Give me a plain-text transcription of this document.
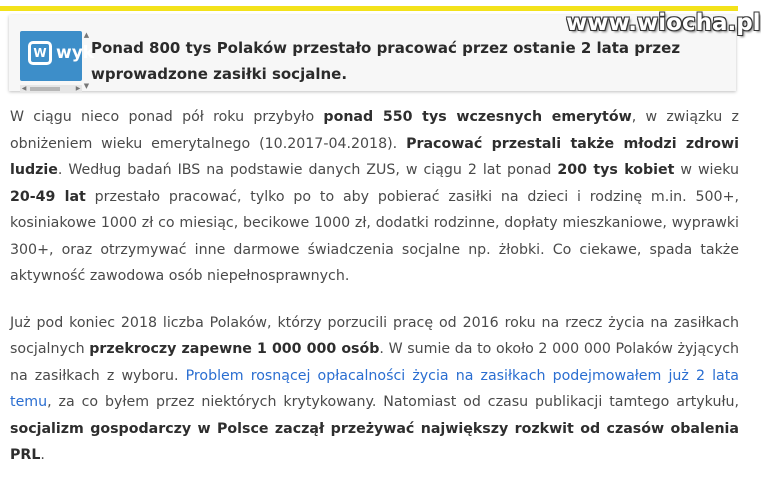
W wyk
▲
▼
◀	▶
Ponad 800 tys Polaków przestało pracować przez ostanie 2 lata przez
wprowadzone zasiłki socjalne.
www.wiocha.pl

W ciągu nieco ponad pół roku przybyło ponad 550 tys wczesnych emerytów, w związku z obniżeniem wieku emerytalnego (10.2017-04.2018). Pracować przestali także młodzi zdrowi ludzie. Według badań IBS na podstawie danych ZUS, w ciągu 2 lat ponad 200 tys kobiet w wieku 20-49 lat przestało pracować, tylko po to aby pobierać zasiłki na dzieci i rodzinę m.in. 500+, kosiniakowe 1000 zł co miesiąc, becikowe 1000 zł, dodatki rodzinne, dopłaty mieszkaniowe, wyprawki 300+, oraz otrzymywać inne darmowe świadczenia socjalne np. żłobki. Co ciekawe, spada także aktywność zawodowa osób niepełnosprawnych.

Już pod koniec 2018 liczba Polaków, którzy porzucili pracę od 2016 roku na rzecz życia na zasiłkach socjalnych przekroczy zapewne 1 000 000 osób. W sumie da to około 2 000 000 Polaków żyjących na zasiłkach z wyboru. Problem rosnącej opłacalności życia na zasiłkach podejmowałem już 2 lata temu, za co byłem przez niektórych krytykowany. Natomiast od czasu publikacji tamtego artykułu, socjalizm gospodarczy w Polsce zaczął przeżywać największy rozkwit od czasów obalenia PRL.
